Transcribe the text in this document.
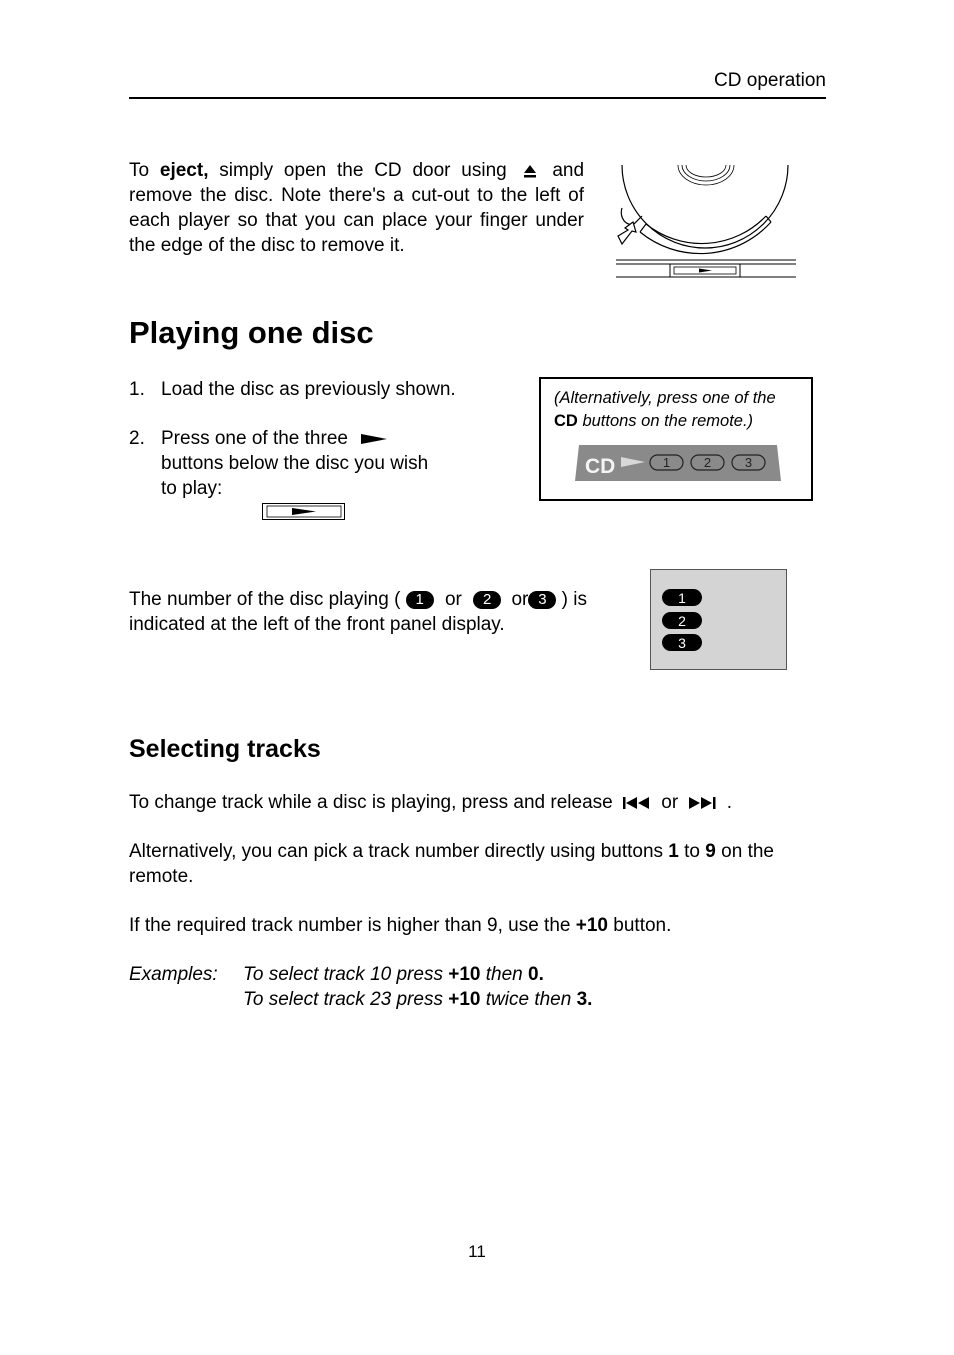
CD operation
To eject, simply open the CD door using and remove the disc. Note there's a cut-out to the left of each player so that you can place your finger under the edge of the disc to remove it.
Playing one disc
1. Load the disc as previously shown.
2. Press one of the three
buttons below the disc you wish
to play:
(Alternatively, press one of the
CD buttons on the remote.)
CD	1	2	3
The number of the disc playing ( 1 or 2 or 3 ) is
indicated at the left of the front panel display.
1
2
3
Selecting tracks
To change track while a disc is playing, press and release	or	.
Alternatively, you can pick a track number directly using buttons 1 to 9 on the remote.
If the required track number is higher than 9, use the +10 button.
Examples: To select track 10 press +10 then 0.
To select track 23 press +10 twice then 3.
11
